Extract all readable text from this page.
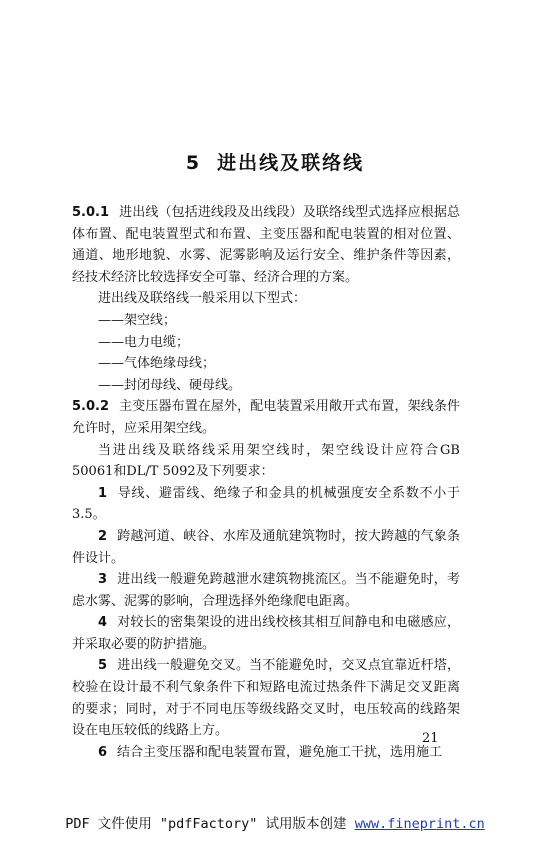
5 进出线及联络线

5.0.1 进出线（包括进线段及出线段）及联络线型式选择应根据总体布置、配电装置型式和布置、主变压器和配电装置的相对位置、通道、地形地貌、水雾、泥雾影响及运行安全、维护条件等因素，经技术经济比较选择安全可靠、经济合理的方案。

进出线及联络线一般采用以下型式：

——架空线；

——电力电缆；

——气体绝缘母线；

——封闭母线、硬母线。

5.0.2 主变压器布置在屋外，配电装置采用敞开式布置，架线条件允许时，应采用架空线。

当进出线及联络线采用架空线时，架空线设计应符合GB 50061和DL/T 5092及下列要求：

1 导线、避雷线、绝缘子和金具的机械强度安全系数不小于3.5。

2 跨越河道、峡谷、水库及通航建筑物时，按大跨越的气象条件设计。

3 进出线一般避免跨越泄水建筑物挑流区。当不能避免时，考虑水雾、泥雾的影响，合理选择外绝缘爬电距离。

4 对较长的密集架设的进出线校核其相互间静电和电磁感应，并采取必要的防护措施。

5 进出线一般避免交叉。当不能避免时，交叉点宜靠近杆塔，校验在设计最不利气象条件下和短路电流过热条件下满足交叉距离的要求；同时，对于不同电压等级线路交叉时，电压较高的线路架设在电压较低的线路上方。

6 结合主变压器和配电装置布置，避免施工干扰，选用施工

21
PDF 文件使用 "pdfFactory" 试用版本创建 www.fineprint.cn
